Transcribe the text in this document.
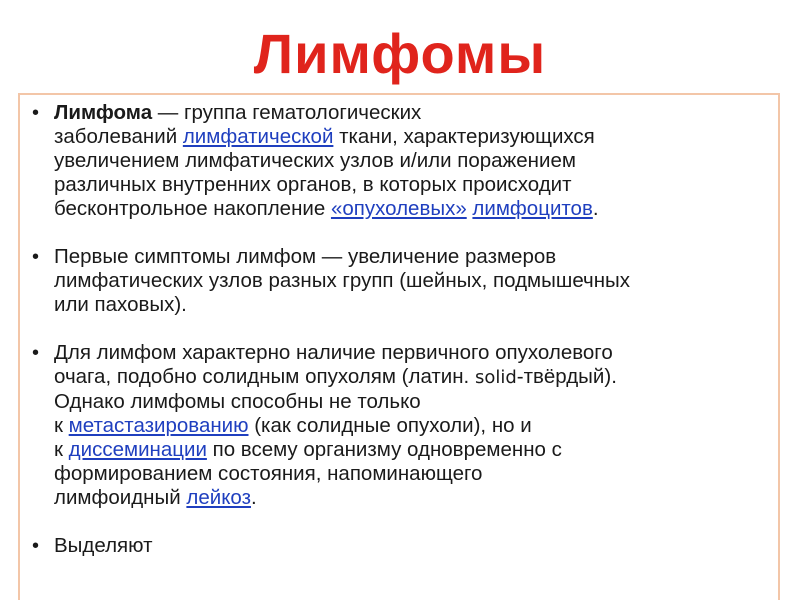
Лимфомы
• Лимфома — группа гематологических
заболеваний лимфатической ткани, характеризующихся
увеличением лимфатических узлов и/или поражением
различных внутренних органов, в которых происходит
бесконтрольное накопление «опухолевых» лимфоцитов.
• Первые симптомы лимфом — увеличение размеров
лимфатических узлов разных групп (шейных, подмышечных
или паховых).
• Для лимфом характерно наличие первичного опухолевого
очага, подобно солидным опухолям (латин. solid-твёрдый).
Однако лимфомы способны не только
к метастазированию (как солидные опухоли), но и
к диссеминации по всему организму одновременно с
формированием состояния, напоминающего
лимфоидный лейкоз.
• Выделяют
